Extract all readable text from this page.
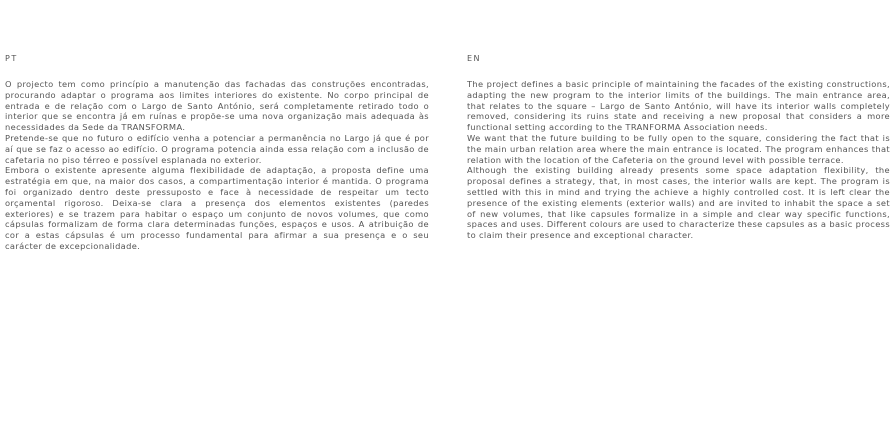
PT

O projecto tem como princípio a manutenção das fachadas das construções encontradas, procurando adaptar o programa aos limites interiores do existente. No corpo principal de entrada e de relação com o Largo de Santo António, será completamente retirado todo o interior que se encontra já em ruínas e propõe-se uma nova organização mais adequada às necessidades da Sede da TRANSFORMA.

Pretende-se que no futuro o edifício venha a potenciar a permanência no Largo já que é por aí que se faz o acesso ao edifício. O programa potencia ainda essa relação com a inclusão de cafetaria no piso térreo e possível esplanada no exterior.

Embora o existente apresente alguma flexibilidade de adaptação, a proposta define uma estratégia em que, na maior dos casos, a compartimentação interior é mantida. O programa foi organizado dentro deste pressuposto e face à necessidade de respeitar um tecto orçamental rigoroso. Deixa-se clara a presença dos elementos existentes (paredes exteriores) e se trazem para habitar o espaço um conjunto de novos volumes, que como cápsulas formalizam de forma clara determinadas funções, espaços e usos. A atribuição de cor a estas cápsulas é um processo fundamental para afirmar a sua presença e o seu carácter de excepcionalidade.

EN

The project defines a basic principle of maintaining the facades of the existing constructions, adapting the new program to the interior limits of the buildings. The main entrance area, that relates to the square – Largo de Santo António, will have its interior walls completely removed, considering its ruins state and receiving a new proposal that considers a more functional setting according to the TRANFORMA Association needs.

We want that the future building to be fully open to the square, considering the fact that is the main urban relation area where the main entrance is located. The program enhances that relation with the location of the Cafeteria on the ground level with possible terrace.

Although the existing building already presents some space adaptation flexibility, the proposal defines a strategy, that, in most cases, the interior walls are kept. The program is settled with this in mind and trying the achieve a highly controlled cost. It is left clear the presence of the existing elements (exterior walls) and are invited to inhabit the space a set of new volumes, that like capsules formalize in a simple and clear way specific functions, spaces and uses. Different colours are used to characterize these capsules as a basic process to claim their presence and exceptional character.
